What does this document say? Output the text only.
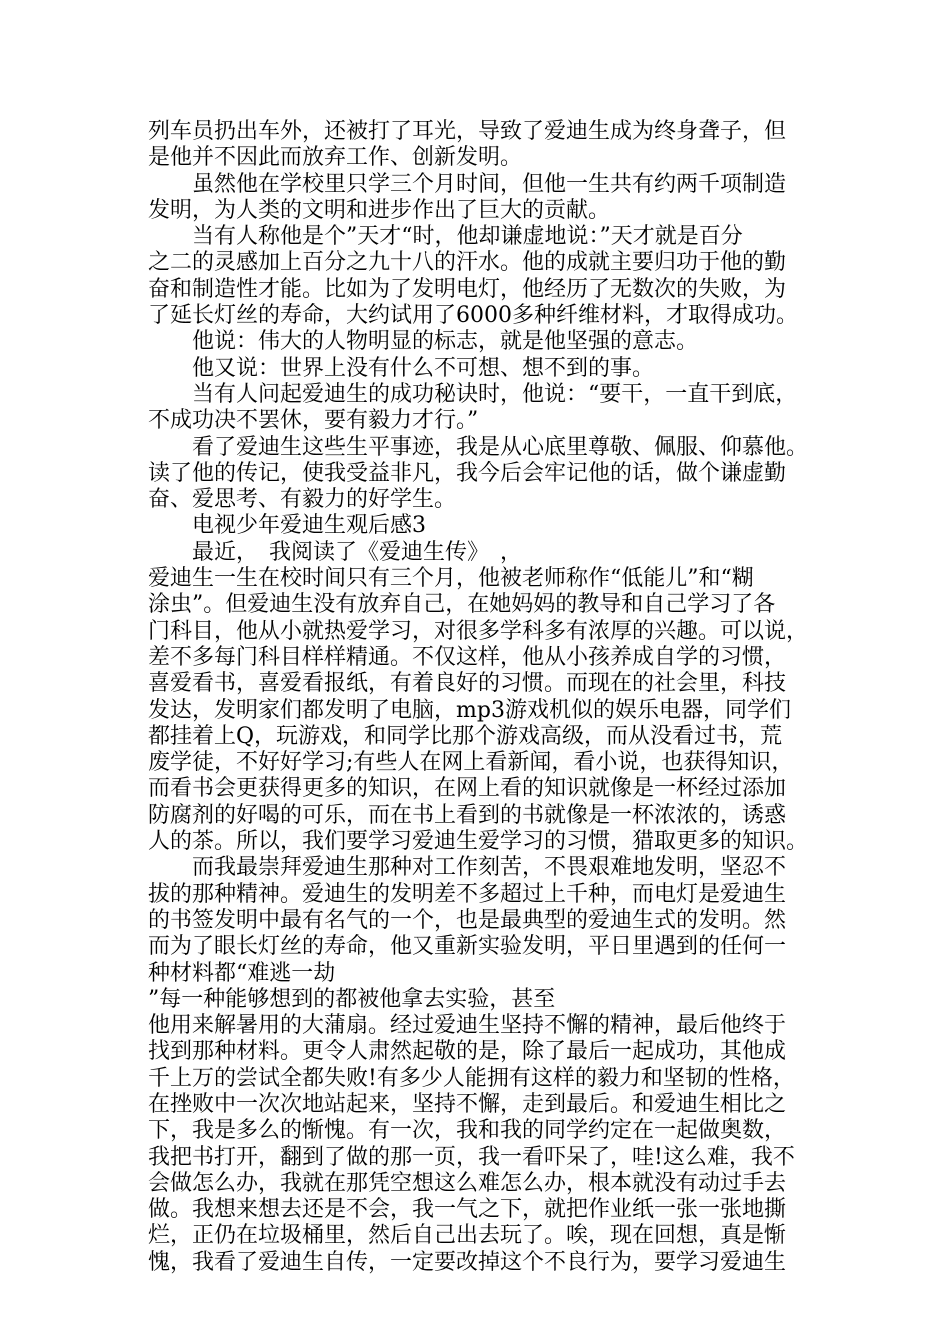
列车员扔出车外，还被打了耳光，导致了爱迪生成为终身聋子，但
是他并不因此而放弃工作、创新发明。
　　虽然他在学校里只学三个月时间，但他一生共有约两千项制造
发明，为人类的文明和进步作出了巨大的贡献。
　　当有人称他是个”天才“时，他却谦虚地说：”天才就是百分
之二的灵感加上百分之九十八的汗水。他的成就主要归功于他的勤
奋和制造性才能。比如为了发明电灯，他经历了无数次的失败，为
了延长灯丝的寿命，大约试用了6000多种纤维材料，才取得成功。
　　他说：伟大的人物明显的标志，就是他坚强的意志。
　　他又说：世界上没有什么不可想、想不到的事。
　　当有人问起爱迪生的成功秘诀时，他说：“要干，一直干到底，
不成功决不罢休，要有毅力才行。”
　　看了爱迪生这些生平事迹，我是从心底里尊敬、佩服、仰慕他。
读了他的传记，使我受益非凡，我今后会牢记他的话，做个谦虚勤
奋、爱思考、有毅力的好学生。
　　电视少年爱迪生观后感3
　　最近，　我阅读了《爱迪生传》　，
爱迪生一生在校时间只有三个月，他被老师称作“低能儿”和“糊
涂虫”。但爱迪生没有放弃自己，在她妈妈的教导和自己学习了各
门科目，他从小就热爱学习，对很多学科多有浓厚的兴趣。可以说，
差不多每门科目样样精通。不仅这样，他从小孩养成自学的习惯，
喜爱看书，喜爱看报纸，有着良好的习惯。而现在的社会里，科技
发达，发明家们都发明了电脑，mp3游戏机似的娱乐电器，同学们
都挂着上Q，玩游戏，和同学比那个游戏高级，而从没看过书，荒
废学徒，不好好学习;有些人在网上看新闻，看小说，也获得知识，
而看书会更获得更多的知识，在网上看的知识就像是一杯经过添加
防腐剂的好喝的可乐，而在书上看到的书就像是一杯浓浓的，诱惑
人的茶。所以，我们要学习爱迪生爱学习的习惯，猎取更多的知识。
　　而我最崇拜爱迪生那种对工作刻苦，不畏艰难地发明，坚忍不
拔的那种精神。爱迪生的发明差不多超过上千种，而电灯是爱迪生
的书签发明中最有名气的一个，也是最典型的爱迪生式的发明。然
而为了眼长灯丝的寿命，他又重新实验发明，平日里遇到的任何一
种材料都“难逃一劫
”每一种能够想到的都被他拿去实验，甚至
他用来解暑用的大蒲扇。经过爱迪生坚持不懈的精神，最后他终于
找到那种材料。更令人肃然起敬的是，除了最后一起成功，其他成
千上万的尝试全都失败!有多少人能拥有这样的毅力和坚韧的性格，
在挫败中一次次地站起来，坚持不懈，走到最后。和爱迪生相比之
下，我是多么的惭愧。有一次，我和我的同学约定在一起做奥数，
我把书打开，翻到了做的那一页，我一看吓呆了，哇!这么难，我不
会做怎么办，我就在那凭空想这么难怎么办，根本就没有动过手去
做。我想来想去还是不会，我一气之下，就把作业纸一张一张地撕
烂，正仍在垃圾桶里，然后自己出去玩了。唉，现在回想，真是惭
愧，我看了爱迪生自传，一定要改掉这个不良行为，要学习爱迪生
